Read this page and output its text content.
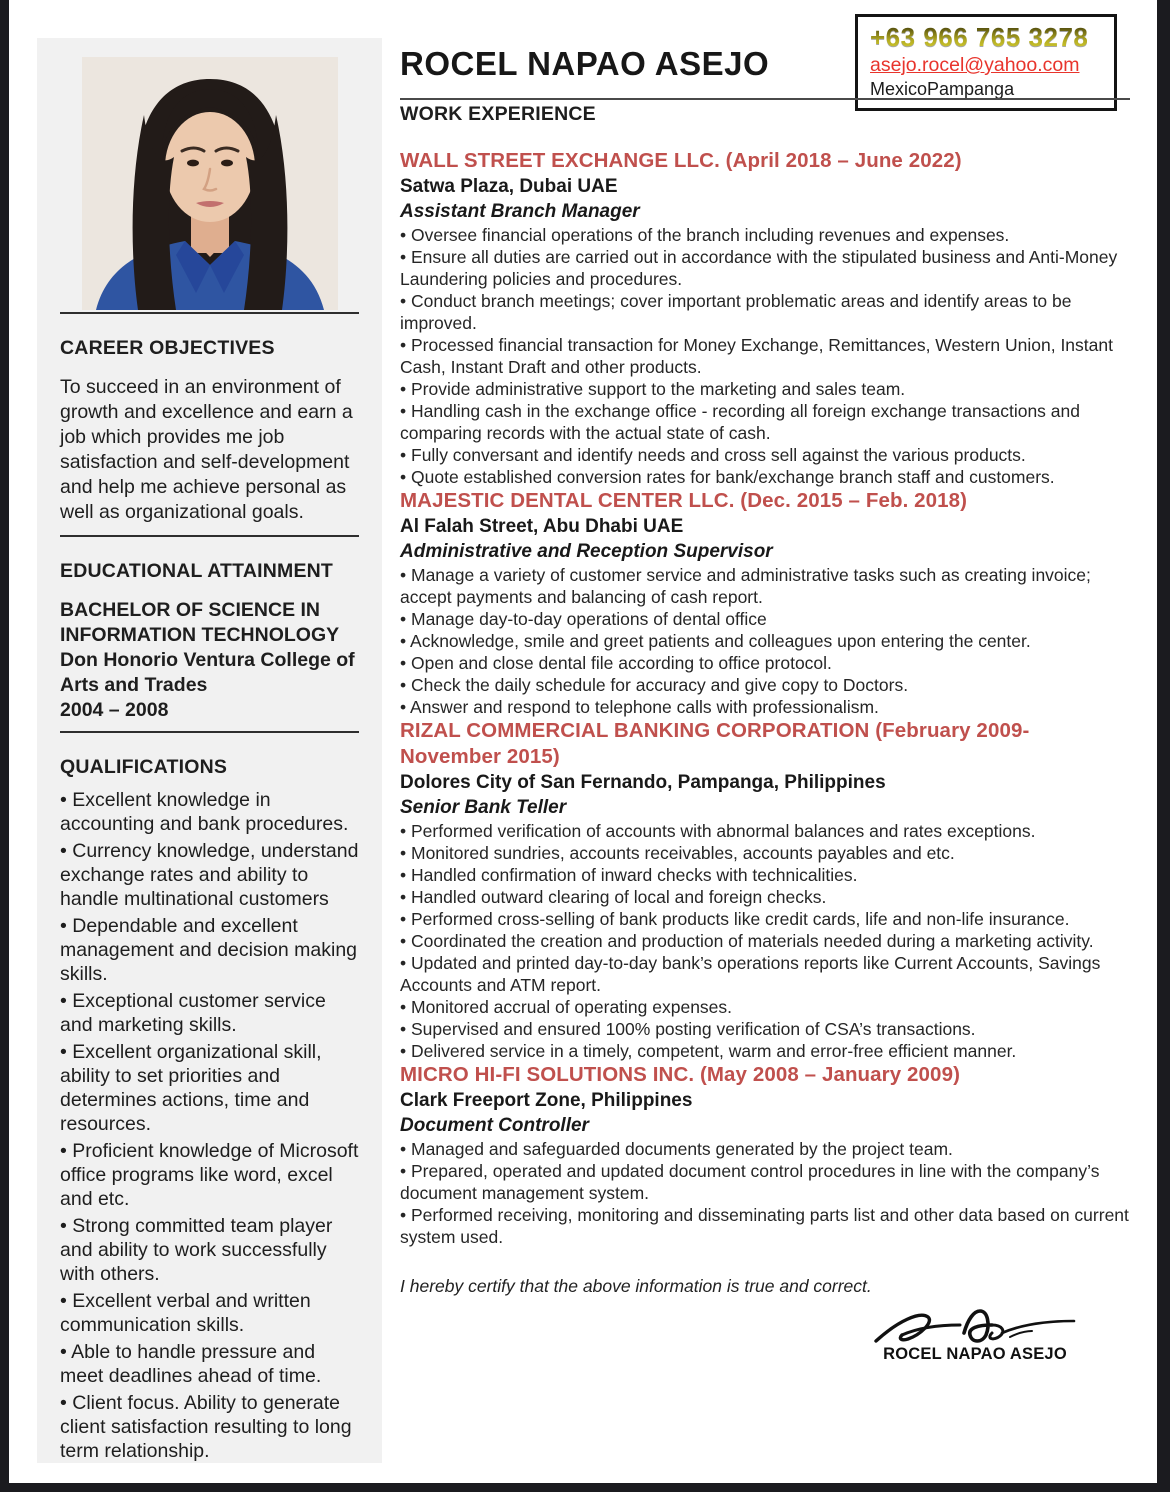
CAREER OBJECTIVES
To succeed in an environment of growth and excellence and earn a job which provides me job satisfaction and self-development and help me achieve personal as well as organizational goals.
EDUCATIONAL ATTAINMENT
BACHELOR OF SCIENCE IN
INFORMATION TECHNOLOGY
Don Honorio Ventura College of
Arts and Trades
2004 – 2008
QUALIFICATIONS
• Excellent knowledge in accounting and bank procedures.
• Currency knowledge, understand exchange rates and ability to handle multinational customers
• Dependable and excellent management and decision making skills.
• Exceptional customer service and marketing skills.
• Excellent organizational skill, ability to set priorities and determines actions, time and resources.
• Proficient knowledge of Microsoft office programs like word, excel and etc.
• Strong committed team player and ability to work successfully with others.
• Excellent verbal and written communication skills.
• Able to handle pressure and meet deadlines ahead of time.
• Client focus. Ability to generate client satisfaction resulting to long term relationship.
+63 966 765 3278
asejo.rocel@yahoo.com
MexicoPampanga
ROCEL NAPAO ASEJO
WORK EXPERIENCE
WALL STREET EXCHANGE LLC. (April 2018 – June 2022)
Satwa Plaza, Dubai UAE
Assistant Branch Manager
• Oversee financial operations of the branch including revenues and expenses.
• Ensure all duties are carried out in accordance with the stipulated business and Anti-Money Laundering policies and procedures.
• Conduct branch meetings; cover important problematic areas and identify areas to be improved.
• Processed financial transaction for Money Exchange, Remittances, Western Union, Instant Cash, Instant Draft and other products.
• Provide administrative support to the marketing and sales team.
• Handling cash in the exchange office - recording all foreign exchange transactions and comparing records with the actual state of cash.
• Fully conversant and identify needs and cross sell against the various products.
• Quote established conversion rates for bank/exchange branch staff and customers.
MAJESTIC DENTAL CENTER LLC. (Dec. 2015 – Feb. 2018)
Al Falah Street, Abu Dhabi UAE
Administrative and Reception Supervisor
• Manage a variety of customer service and administrative tasks such as creating invoice; accept payments and balancing of cash report.
• Manage day-to-day operations of dental office
• Acknowledge, smile and greet patients and colleagues upon entering the center.
• Open and close dental file according to office protocol.
• Check the daily schedule for accuracy and give copy to Doctors.
• Answer and respond to telephone calls with professionalism.
RIZAL COMMERCIAL BANKING CORPORATION (February 2009-November 2015)
Dolores City of San Fernando, Pampanga, Philippines
Senior Bank Teller
• Performed verification of accounts with abnormal balances and rates exceptions.
• Monitored sundries, accounts receivables, accounts payables and etc.
• Handled confirmation of inward checks with technicalities.
• Handled outward clearing of local and foreign checks.
• Performed cross-selling of bank products like credit cards, life and non-life insurance.
• Coordinated the creation and production of materials needed during a marketing activity.
• Updated and printed day-to-day bank’s operations reports like Current Accounts, Savings Accounts and ATM report.
• Monitored accrual of operating expenses.
• Supervised and ensured 100% posting verification of CSA’s transactions.
• Delivered service in a timely, competent, warm and error-free efficient manner.
MICRO HI-FI SOLUTIONS INC. (May 2008 – January 2009)
Clark Freeport Zone, Philippines
Document Controller
• Managed and safeguarded documents generated by the project team.
• Prepared, operated and updated document control procedures in line with the company’s document management system.
• Performed receiving, monitoring and disseminating parts list and other data based on current system used.
I hereby certify that the above information is true and correct.
ROCEL NAPAO ASEJO
